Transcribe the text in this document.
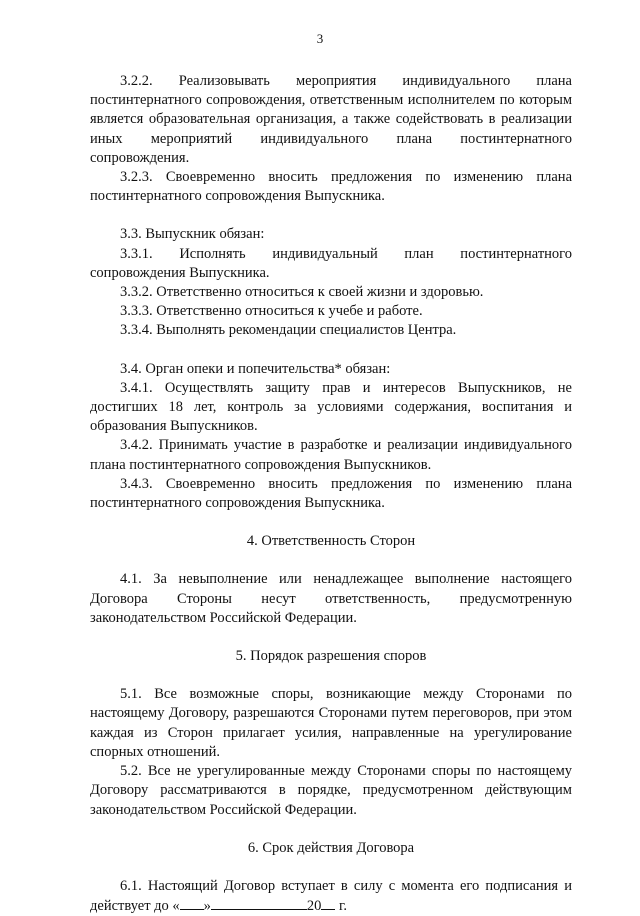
3

3.2.2. Реализовывать мероприятия индивидуального плана постинтернатного сопровождения, ответственным исполнителем по которым является образовательная организация, а также содействовать в реализации иных мероприятий индивидуального плана постинтернатного сопровождения.

3.2.3. Своевременно вносить предложения по изменению плана постинтернатного сопровождения Выпускника.

3.3. Выпускник обязан:

3.3.1. Исполнять индивидуальный план постинтернатного сопровождения Выпускника.

3.3.2. Ответственно относиться к своей жизни и здоровью.

3.3.3. Ответственно относиться к учебе и работе.

3.3.4. Выполнять рекомендации специалистов Центра.

3.4. Орган опеки и попечительства* обязан:

3.4.1. Осуществлять защиту прав и интересов Выпускников, не достигших 18 лет, контроль за условиями содержания, воспитания и образования Выпускников.

3.4.2. Принимать участие в разработке и реализации индивидуального плана постинтернатного сопровождения Выпускников.

3.4.3. Своевременно вносить предложения по изменению плана постинтернатного сопровождения Выпускника.

4. Ответственность Сторон

4.1. За невыполнение или ненадлежащее выполнение настоящего Договора Стороны несут ответственность, предусмотренную законодательством Российской Федерации.

5. Порядок разрешения споров

5.1. Все возможные споры, возникающие между Сторонами по настоящему Договору, разрешаются Сторонами путем переговоров, при этом каждая из Сторон прилагает усилия, направленные на урегулирование спорных отношений.

5.2. Все не урегулированные между Сторонами споры по настоящему Договору рассматриваются в порядке, предусмотренном действующим законодательством Российской Федерации.

6. Срок действия Договора

6.1. Настоящий Договор вступает в силу с момента его подписания и действует до « »	20 г.
